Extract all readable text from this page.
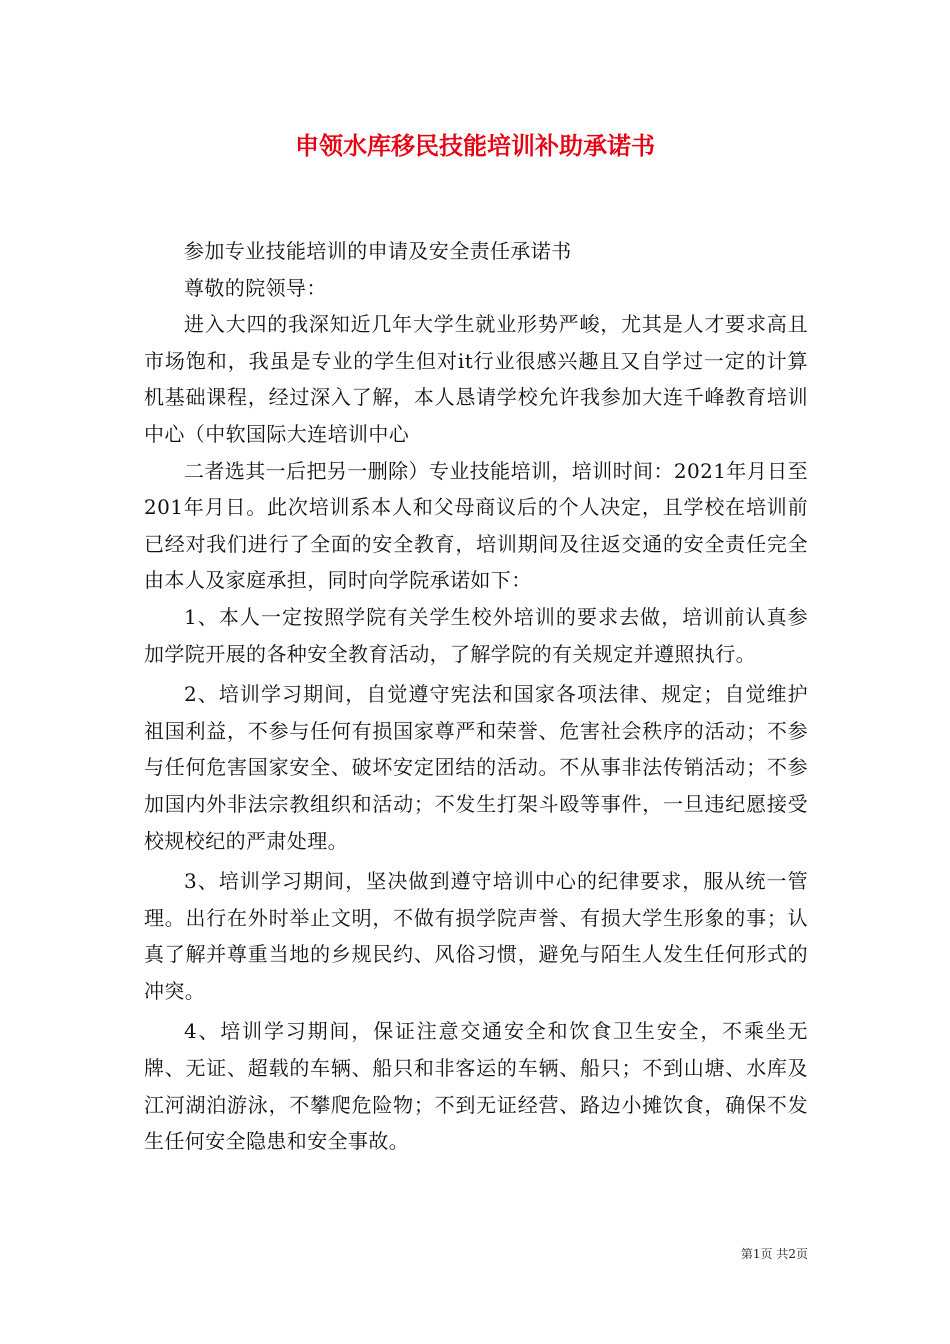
申领水库移民技能培训补助承诺书

参加专业技能培训的申请及安全责任承诺书

尊敬的院领导：

进入大四的我深知近几年大学生就业形势严峻，尤其是人才要求高且市场饱和，我虽是专业的学生但对it行业很感兴趣且又自学过一定的计算机基础课程，经过深入了解，本人恳请学校允许我参加大连千峰教育培训中心（中软国际大连培训中心

二者选其一后把另一删除）专业技能培训，培训时间：2021年月日至201年月日。此次培训系本人和父母商议后的个人决定，且学校在培训前已经对我们进行了全面的安全教育，培训期间及往返交通的安全责任完全由本人及家庭承担，同时向学院承诺如下：

1、本人一定按照学院有关学生校外培训的要求去做，培训前认真参加学院开展的各种安全教育活动，了解学院的有关规定并遵照执行。

2、培训学习期间，自觉遵守宪法和国家各项法律、规定；自觉维护祖国利益，不参与任何有损国家尊严和荣誉、危害社会秩序的活动；不参与任何危害国家安全、破坏安定团结的活动。不从事非法传销活动；不参加国内外非法宗教组织和活动；不发生打架斗殴等事件，一旦违纪愿接受校规校纪的严肃处理。

3、培训学习期间，坚决做到遵守培训中心的纪律要求，服从统一管理。出行在外时举止文明，不做有损学院声誉、有损大学生形象的事；认真了解并尊重当地的乡规民约、风俗习惯，避免与陌生人发生任何形式的冲突。

4、培训学习期间，保证注意交通安全和饮食卫生安全，不乘坐无牌、无证、超载的车辆、船只和非客运的车辆、船只；不到山塘、水库及江河湖泊游泳，不攀爬危险物；不到无证经营、路边小摊饮食，确保不发生任何安全隐患和安全事故。

第1页 共2页
